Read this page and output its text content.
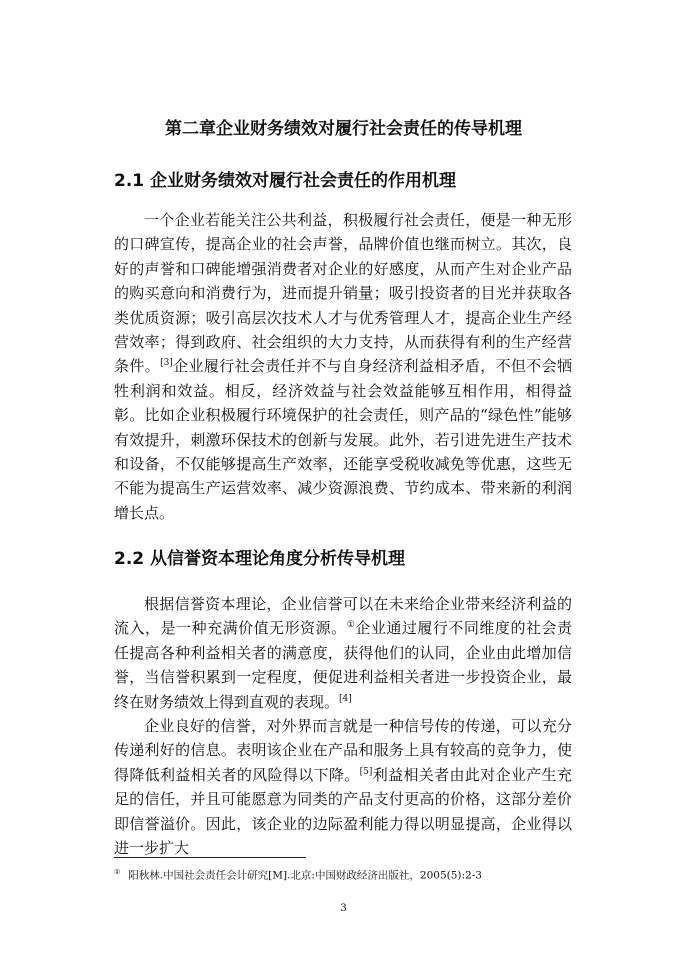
第二章企业财务绩效对履行社会责任的传导机理
2.1 企业财务绩效对履行社会责任的作用机理
一个企业若能关注公共利益，积极履行社会责任，便是一种无形的口碑宣传，提高企业的社会声誉，品牌价值也继而树立。其次，良好的声誉和口碑能增强消费者对企业的好感度，从而产生对企业产品的购买意向和消费行为，进而提升销量；吸引投资者的目光并获取各类优质资源；吸引高层次技术人才与优秀管理人才，提高企业生产经营效率；得到政府、社会组织的大力支持，从而获得有利的生产经营条件。[3]企业履行社会责任并不与自身经济利益相矛盾，不但不会牺牲利润和效益。相反，经济效益与社会效益能够互相作用，相得益彰。比如企业积极履行环境保护的社会责任，则产品的“绿色性”能够有效提升，刺激环保技术的创新与发展。此外，若引进先进生产技术和设备，不仅能够提高生产效率，还能享受税收减免等优惠，这些无不能为提高生产运营效率、减少资源浪费、节约成本、带来新的利润增长点。
2.2 从信誉资本理论角度分析传导机理
根据信誉资本理论，企业信誉可以在未来给企业带来经济利益的流入，是一种充满价值无形资源。①企业通过履行不同维度的社会责任提高各种利益相关者的满意度，获得他们的认同，企业由此增加信誉，当信誉积累到一定程度，便促进利益相关者进一步投资企业，最终在财务绩效上得到直观的表现。[4]
企业良好的信誉，对外界而言就是一种信号传的传递，可以充分传递利好的信息。表明该企业在产品和服务上具有较高的竞争力，使得降低利益相关者的风险得以下降。[5]利益相关者由此对企业产生充足的信任，并且可能愿意为同类的产品支付更高的价格，这部分差价即信誉溢价。因此，该企业的边际盈利能力得以明显提高，企业得以进一步扩大
① 阳秋林.中国社会责任会计研究[M].北京:中国财政经济出版社，2005(5):2-3
3
